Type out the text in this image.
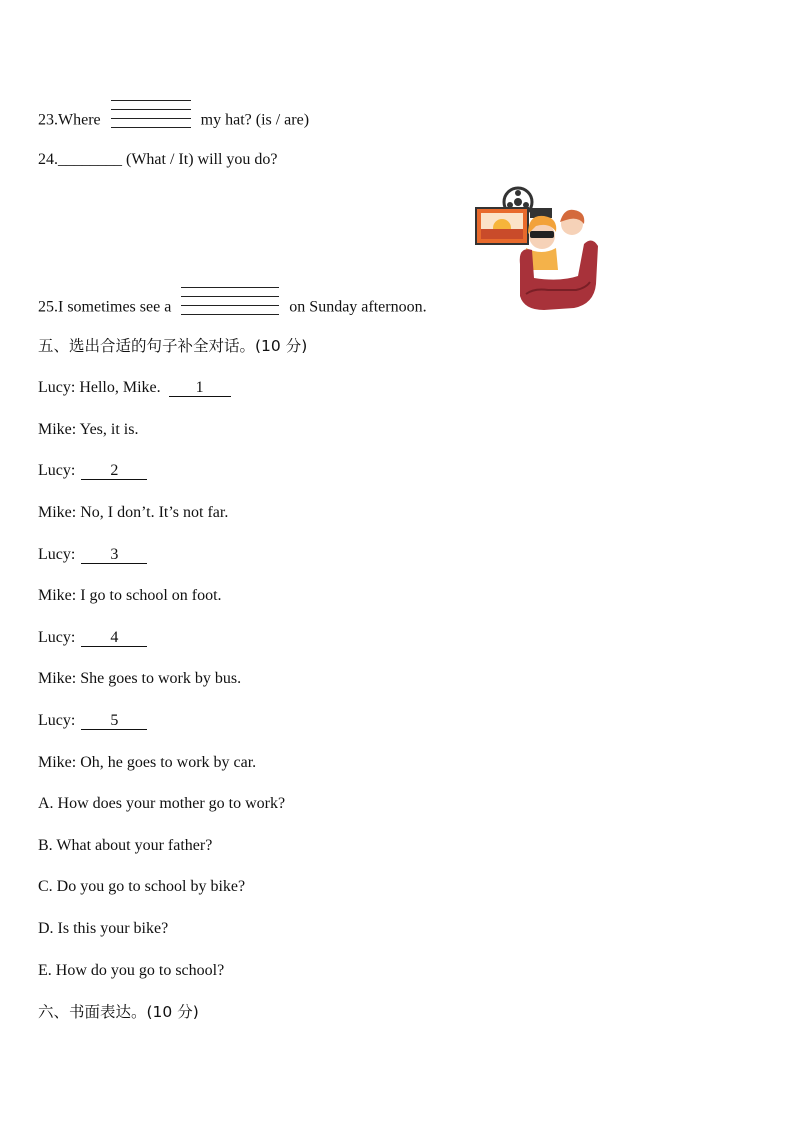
23.Where	my hat? (is / are)
24.________ (What / It) will you do?
25.I sometimes see a	on Sunday afternoon.
五、选出合适的句子补全对话。(10 分)
Lucy: Hello, Mike. 1
Mike: Yes, it is.
Lucy: 2
Mike: No, I don’t. It’s not far.
Lucy: 3
Mike: I go to school on foot.
Lucy: 4
Mike: She goes to work by bus.
Lucy: 5
Mike: Oh, he goes to work by car.
A. How does your mother go to work?
B. What about your father?
C. Do you go to school by bike?
D. Is this your bike?
E. How do you go to school?
六、书面表达。(10 分)
